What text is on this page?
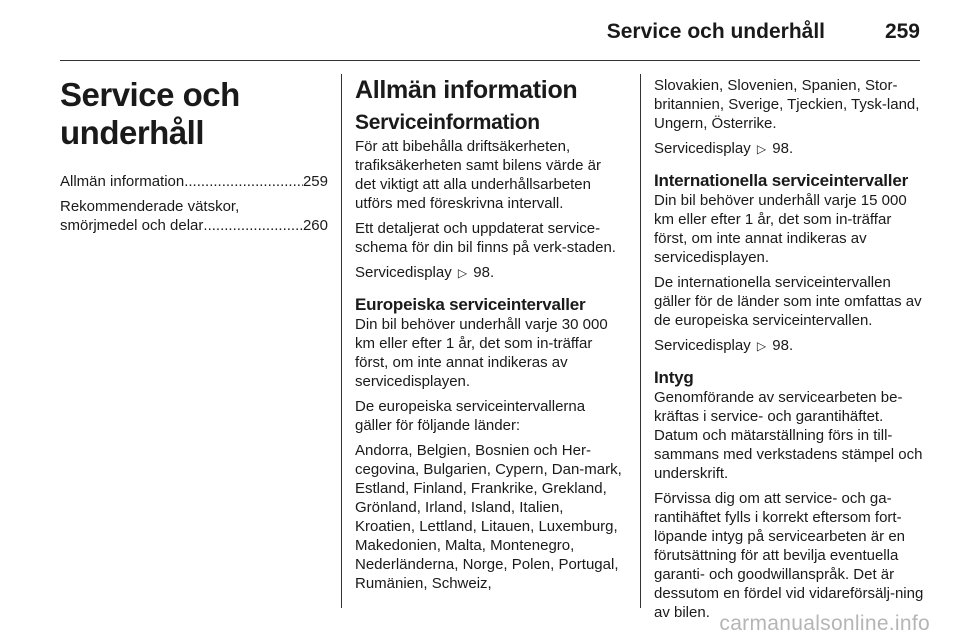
Service och underhåll	259
Service och underhåll
Allmän information .....	259
Rekommenderade vätskor,
smörjmedel och delar .....	260
Allmän information
Serviceinformation

För att bibehålla driftsäkerheten, trafiksäkerheten samt bilens värde är det viktigt att alla underhållsarbeten utförs med föreskrivna intervall.

Ett detaljerat och uppdaterat service-schema för din bil finns på verk-staden.

Servicedisplay ▷ 98.

Europeiska serviceintervaller

Din bil behöver underhåll varje 30 000 km eller efter 1 år, det som in-träffar först, om inte annat indikeras av servicedisplayen.

De europeiska serviceintervallerna gäller för följande länder:

Andorra, Belgien, Bosnien och Her-cegovina, Bulgarien, Cypern, Dan-mark, Estland, Finland, Frankrike, Grekland, Grönland, Irland, Island, Italien, Kroatien, Lettland, Litauen, Luxemburg, Makedonien, Malta, Montenegro, Nederländerna, Norge, Polen, Portugal, Rumänien, Schweiz,

Slovakien, Slovenien, Spanien, Stor-britannien, Sverige, Tjeckien, Tysk-land, Ungern, Österrike.

Servicedisplay ▷ 98.

Internationella serviceintervaller

Din bil behöver underhåll varje 15 000 km eller efter 1 år, det som in-träffar först, om inte annat indikeras av servicedisplayen.

De internationella serviceintervallen gäller för de länder som inte omfattas av de europeiska serviceintervallen.

Servicedisplay ▷ 98.

Intyg

Genomförande av servicearbeten be-kräftas i service- och garantihäftet. Datum och mätarställning förs in till-sammans med verkstadens stämpel och underskrift.

Förvissa dig om att service- och ga-rantihäftet fylls i korrekt eftersom fort-löpande intyg på servicearbeten är en förutsättning för att bevilja eventuella garanti- och goodwillanspråk. Det är dessutom en fördel vid vidareförsälj-ning av bilen. carmanualsonline.info
